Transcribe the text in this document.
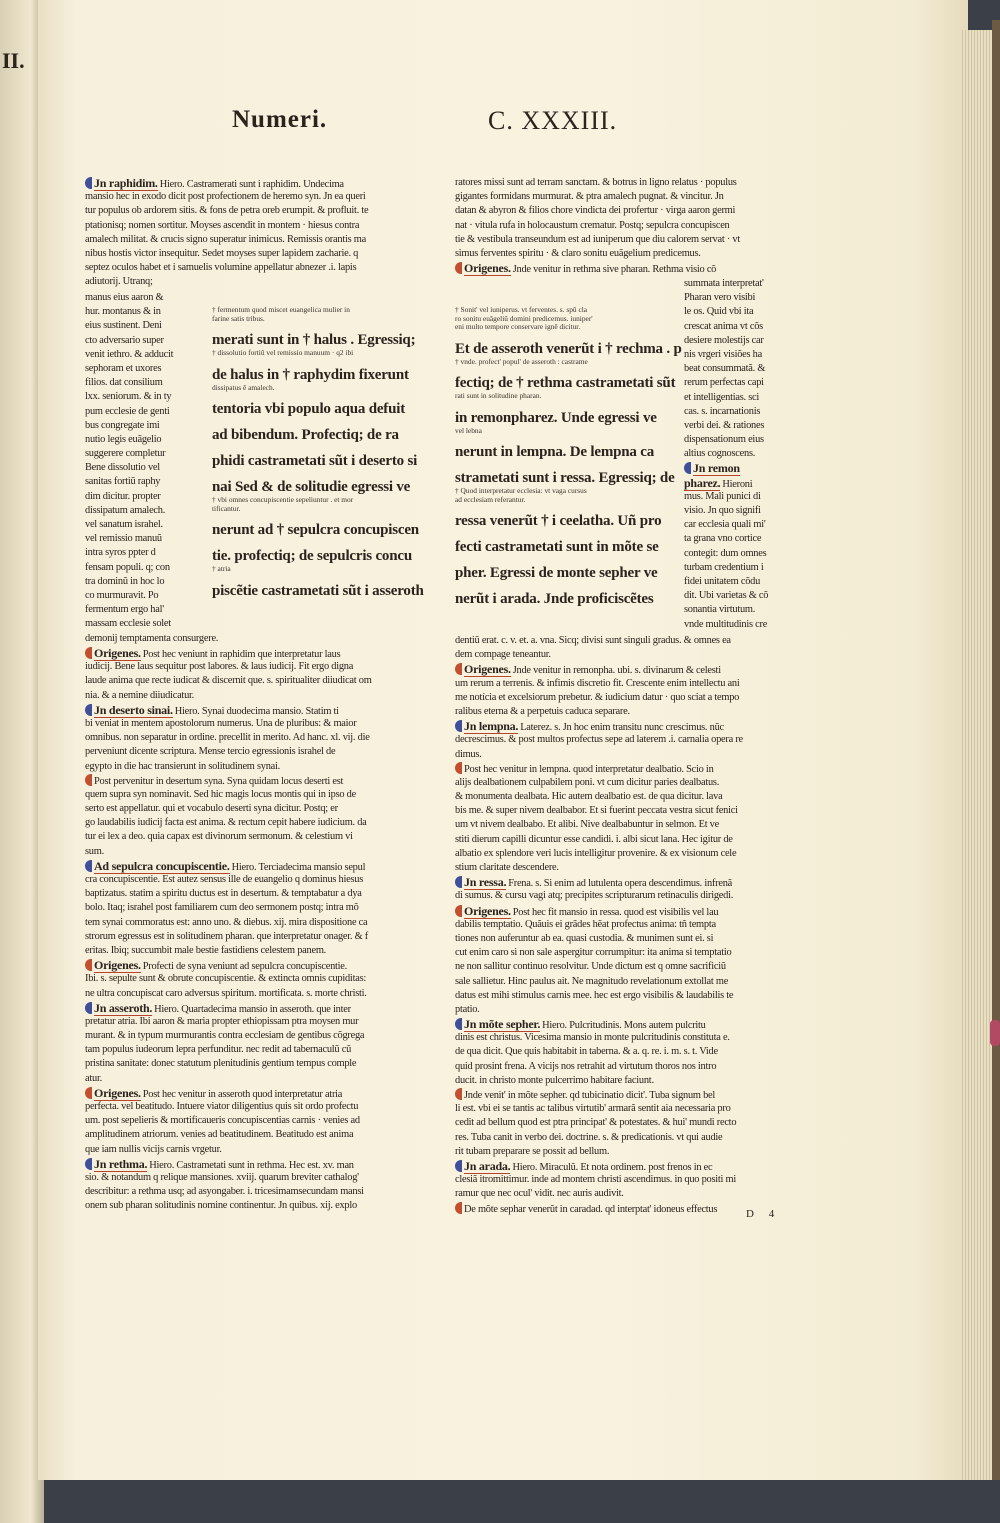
II.
Numeri.	C. XXXIII.
Jn raphidim. Hiero. Castramerati sunt i raphidim. Undecima
mansio hec in exodo dicit post profectionem de heremo syn. Jn ea queri
tur populus ob ardorem sitis. & fons de petra oreb erumpit. & profluit. te
ptationisq; nomen sortitur. Moyses ascendit in montem · hiesus contra
amalech militat. & crucis signo superatur inimicus. Remissis orantis ma
nibus hostis victor insequitur. Sedet moyses super lapidem zacharie. q
septez oculos habet et i samuelis volumine appellatur abnezer .i. lapis
adiutorij. Utranq;
manus eius aaron &
hur. montanus & in
eius sustinent. Deni
cto adversario super
venit iethro. & adducit
sephoram et uxores
filios. dat consilium
lxx. seniorum. & in ty
pum ecclesie de genti
bus congregate imi
nutio legis euãgelio
suggerere completur
Bene dissolutio vel
sanitas fortiũ raphy
dim dicitur. propter
dissipatum amalech.
vel sanatum israhel.
vel remissio manuũ
intra syros ppter d
fensam populi. q; con
tra dominũ in hoc lo
co murmuravit. Po
fermentum ergo hal'
massam ecclesie solet
demonij temptamenta consurgere.
† fermentum quod miscet euangelica mulier in
farine satis tribus.
merati sunt in † halus . Egressiq;
† dissolutio fortiũ vel remissio manuum · q2 ibi
de halus in † raphydim fixerunt
dissipatus ẽ amalech.
tentoria vbi populo aqua defuit
ad bibendum. Profectiq; de ra
phidi castrametati sũt i deserto si
nai Sed & de solitudie egressi ve
† vbi omnes concupiscentie sepeliuntur . et mor
tificantur.
nerunt ad † sepulcra concupiscen
tie. profectiq; de sepulcris concu
† atria
piscẽtie castrametati sũt i asseroth
Origenes. Post hec veniunt in raphidim que interpretatur laus
iudicij. Bene laus sequitur post labores. & laus iudicij. Fit ergo digna
laude anima que recte iudicat & discernit que. s. spiritualiter diiudicat om
nia. & a nemine diiudicatur.
Jn deserto sinai. Hiero. Synai duodecima mansio. Statim ti
bi veniat in mentem apostolorum numerus. Una de pluribus: & maior
omnibus. non separatur in ordine. precellit in merito. Ad hanc. xl. vij. die
perveniunt dicente scriptura. Mense tercio egressionis israhel de
egypto in die hac transierunt in solitudinem synai.
Post pervenitur in desertum syna. Syna quidam locus deserti est
quem supra syn nominavit. Sed hic magis locus montis qui in ipso de
serto est appellatur. qui et vocabulo deserti syna dicitur. Postq; er
go laudabilis iudicij facta est anima. & rectum cepit habere iudicium. da
tur ei lex a deo. quia capax est divinorum sermonum. & celestium vi
sum.
Ad sepulcra concupiscentie. Hiero. Terciadecima mansio sepul
cra concupiscentie. Est autez sensus ille de euangelio q dominus hiesus
baptizatus. statim a spiritu ductus est in desertum. & temptabatur a dya
bolo. Itaq; israhel post familiarem cum deo sermonem postq; intra mõ
tem synai commoratus est: anno uno. & diebus. xij. mira dispositione ca
strorum egressus est in solitudinem pharan. que interpretatur onager. & f
eritas. Ibiq; succumbit male bestie fastidiens celestem panem.
Origenes. Profecti de syna veniunt ad sepulcra concupiscentie.
Ibi. s. sepulte sunt & obrute concupiscentie. & extincta omnis cupiditas:
ne ultra concupiscat caro adversus spiritum. mortificata. s. morte christi.
Jn asseroth. Hiero. Quartadecima mansio in asseroth. que inter
pretatur atria. Ibi aaron & maria propter ethiopissam ptra moysen mur
murant. & in typum murmurantis contra ecclesiam de gentibus cõgrega
tam populus iudeorum lepra perfunditur. nec redit ad tabernaculũ cũ
pristina sanitate: donec statutum plenitudinis gentium tempus comple
atur.
Origenes. Post hec venitur in asseroth quod interpretatur atria
perfecta. vel beatitudo. Intuere viator diligentius quis sit ordo profectu
um. post sepelieris & mortificaueris concupiscentias carnis · venies ad
amplitudinem atriorum. venies ad beatitudinem. Beatitudo est anima
que iam nullis vicijs carnis vrgetur.
Jn rethma. Hiero. Castrametati sunt in rethma. Hec est. xv. man
sio. & notandum q relique mansiones. xviij. quarum breviter cathalog'
describitur: a rethma usq; ad asyongaber. i. tricesimamsecundam mansi
onem sub pharan solitudinis nomine continentur. Jn quibus. xij. explo
ratores missi sunt ad terram sanctam. & botrus in ligno relatus · populus
gigantes formidans murmurat. & ptra amalech pugnat. & vincitur. Jn
datan & abyron & filios chore vindicta dei profertur · virga aaron germi
nat · vitula rufa in holocaustum crematur. Postq; sepulcra concupiscen
tie & vestibula transeundum est ad iuniperum que diu calorem servat · vt
simus ferventes spiritu · & claro sonitu euãgelium predicemus.
Origenes. Jnde venitur in rethma sive pharan. Rethma visio cõ
† Sonit' vel iuniperus. vt ferventes. s. spũ cla
ro sonitu euãgeliũ domini predicemus. iuniper'
eni multo tempore conservare ignẽ dicitur.
Et de asseroth venerũt i † rechma . p
† vnde. profect' popul' de asseroth : castrame
fectiq; de † rethma castrametati sũt
rati sunt in solitudine pharan.
in remonpharez. Unde egressi ve
vel lebna
nerunt in lempna. De lempna ca
strametati sunt i ressa. Egressiq; de
† Quod interpretatur ecclesia: vt vaga cursus
ad ecclesiam referantur.
ressa venerũt † i ceelatha. Uñ pro
fecti castrametati sunt in mõte se
pher. Egressi de monte sepher ve
nerũt i arada. Jnde proficiscẽtes
summata interpretat'
Pharan vero visibi
le os. Quid vbi ita
crescat anima vt cõs
desiere molestijs car
nis vrgeri visiões ha
beat consummatã. &
rerum perfectas capi
et intelligentias. sci
cas. s. incarnationis
verbi dei. & rationes
dispensationum eius
altius cognoscens.
Jn remon
pharez. Hieroni
mus. Mali punici di
visio. Jn quo signifi
car ecclesia quali mi'
ta grana vno cortice
contegit: dum omnes
turbam credentium i
fidei unitatem cõdu
dit. Ubi varietas & cõ
sonantia virtutum.
vnde multitudinis cre
dentiũ erat. c. v. et. a. vna. Sicq; divisi sunt singuli gradus. & omnes ea
dem compage teneantur.
Origenes. Jnde venitur in remonpha. ubi. s. divinarum & celesti
um rerum a terrenis. & infimis discretio fit. Crescente enim intellectu ani
me notícia et excelsiorum prebetur. & iudicium datur · quo sciat a tempo
ralibus eterna & a perpetuis caduca separare.
Jn lempna. Laterez. s. Jn hoc enim transitu nunc crescimus. nũc
decrescimus. & post multos profectus sepe ad laterem .i. carnalia opera re
dimus.
Post hec venitur in lempna. quod interpretatur dealbatio. Scio in
alijs dealbationem culpabilem poni. vt cum dicitur paries dealbatus.
& monumenta dealbata. Hic autem dealbatio est. de qua dicitur. lava
bis me. & super nivem dealbabor. Et si fuerint peccata vestra sicut fenici
um vt nivem dealbabo. Et alibi. Nive dealbabuntur in selmon. Et ve
stiti dierum capilli dicuntur esse candidi. i. albi sicut lana. Hec igitur de
albatio ex splendore veri lucis intelligitur provenire. & ex visionum cele
stium claritate descendere.
Jn ressa. Frena. s. Si enim ad lutulenta opera descendimus. infrenã
di sumus. & cursu vagi atq; precipites scripturarum retinaculis dirigedi.
Origenes. Post hec fit mansio in ressa. quod est visibilis vel lau
dabilis temptatio. Quãuis ei grãdes hẽat profectus anima: tñ tempta
tiones non auferuntur ab ea. quasi custodia. & munimen sunt ei. si
cut enim caro si non sale aspergitur corrumpitur: ita anima si temptatio
ne non sallitur continuo resolvitur. Unde dictum est q omne sacrificiũ
sale sallietur. Hinc paulus ait. Ne magnitudo revelationum extollat me
datus est mihi stimulus carnis mee. hec est ergo visibilis & laudabilis te
ptatio.
Jn mõte sepher. Hiero. Pulcritudinis. Mons autem pulcritu
dinis est christus. Vicesima mansio in monte pulcritudinis constituta e.
de qua dicit. Que quis habitabit in taberna. & a. q. re. i. m. s. t. Vide
quid prosint frena. A vicijs nos retrahit ad virtutum thoros nos intro
ducit. in christo monte pulcerrimo habitare faciunt.
Jnde venit' in mõte sepher. qd tubicinatio dicit'. Tuba signum bel
li est. vbi ei se tantis ac talibus virtutib' armarã sentit aia necessaria pro
cedit ad bellum quod est ptra principat' & potestates. & hui' mundi recto
res. Tuba canit in verbo dei. doctrine. s. & predicationis. vt qui audie
rit tubam preparare se possit ad bellum.
Jn arada. Hiero. Miraculũ. Et nota ordinem. post frenos in ec
clesiã itromittimur. inde ad montem christi ascendimus. in quo positi mi
ramur que nec ocul' vidit. nec auris audivit.
De mõte sephar venerũt in caradad. qd interptat' idoneus effectus	D 4
